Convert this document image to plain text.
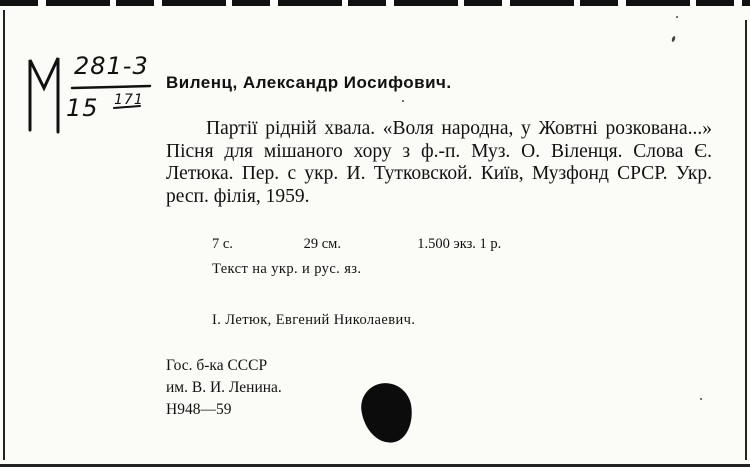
281-3
15 171
Виленц, Александр Иосифович.

Партії рідній хвала. «Воля народна, у Жовтні розкована...» Пісня для мішаного хору з ф.-п. Муз. О. Віленця. Слова Є. Летюка. Пер. с укр. И. Тутковской. Київ, Музфонд СРСР. Укр. респ. філія, 1959.

7 с.	29 см.	1.500 экз. 1 р.
Текст на укр. и рус. яз.
I. Летюк, Евгений Николаевич.
Гос. б-ка СССР
им. В. И. Ленина.
Н948—59
